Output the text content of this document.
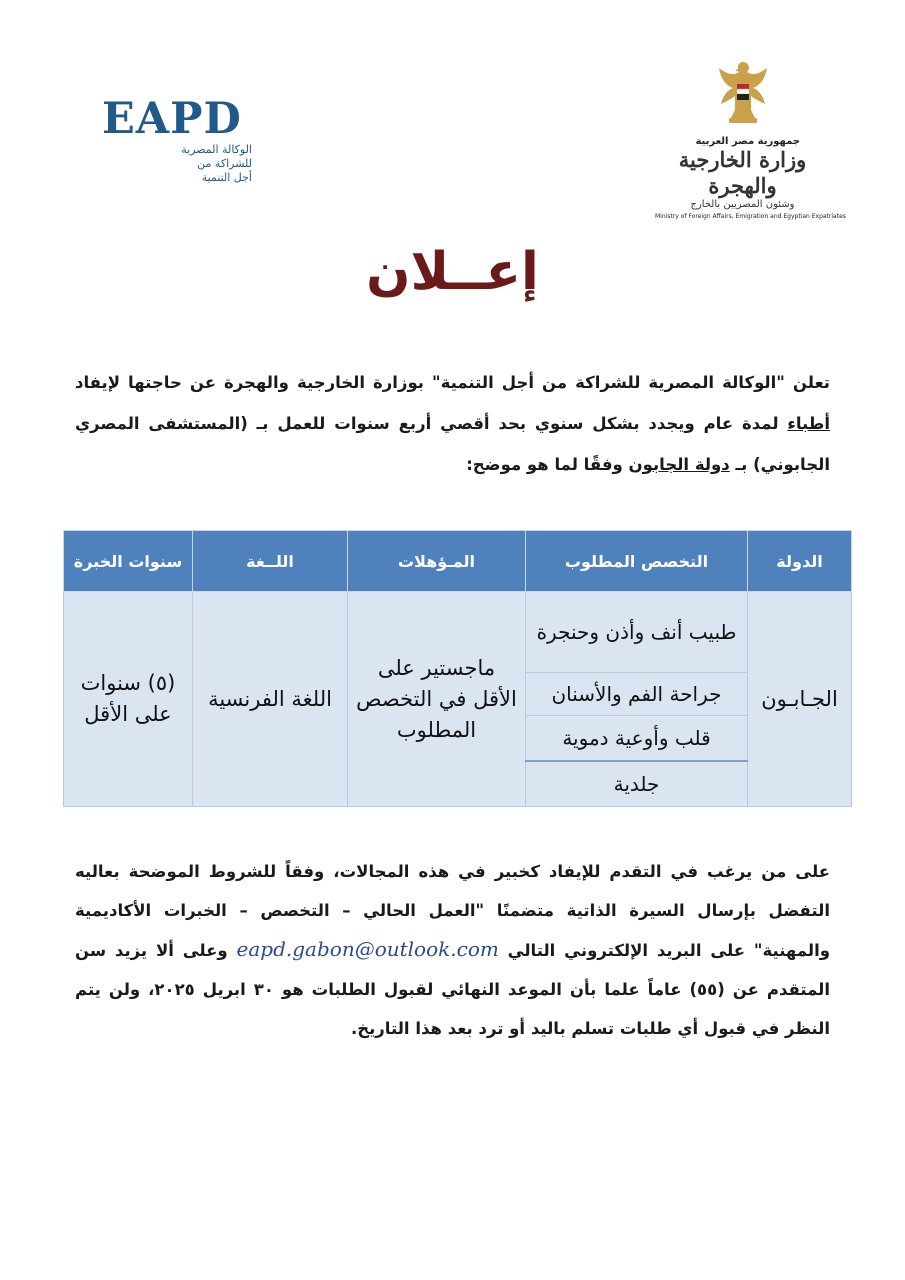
EAPD
الوكالة المصرية
للشراكة من
أجل التنمية
جمهورية مصر العربية
وزارة الخارجية والهجرة
وشئون المصريين بالخارج
Ministry of Foreign Affairs, Emigration and Egyptian Expatriates
إعــلان
تعلن "الوكالة المصرية للشراكة من أجل التنمية" بوزارة الخارجية والهجرة عن حاجتها لإيفاد أطباء لمدة عام ويجدد بشكل سنوي بحد أقصي أربع سنوات للعمل بـ (المستشفى المصري الجابوني) بـ دولة الجابون وفقًا لما هو موضح:
الدولة	التخصص المطلوب	المـؤهلات	اللــغة	سنوات الخبرة
الجـابـون	طبيب أنف وأذن وحنجرة	ماجستير على الأقل في التخصص المطلوب	اللغة الفرنسية	(٥) سنوات على الأقل
	جراحة الفم والأسنان			
	قلب وأوعية دموية			
	جلدية			
على من يرغب في التقدم للإيفاد كخبير في هذه المجالات، وفقاً للشروط الموضحة بعاليه التفضل بإرسال السيرة الذاتية متضمنًا "العمل الحالي – التخصص – الخبرات الأكاديمية والمهنية" على البريد الإلكتروني التالي eapd.gabon@outlook.com وعلى ألا يزيد سن المتقدم عن (٥٥) عاماً علما بأن الموعد النهائي لقبول الطلبات هو ٣٠ ابريل ٢٠٢٥، ولن يتم النظر في قبول أي طلبات تسلم باليد أو ترد بعد هذا التاريخ.
